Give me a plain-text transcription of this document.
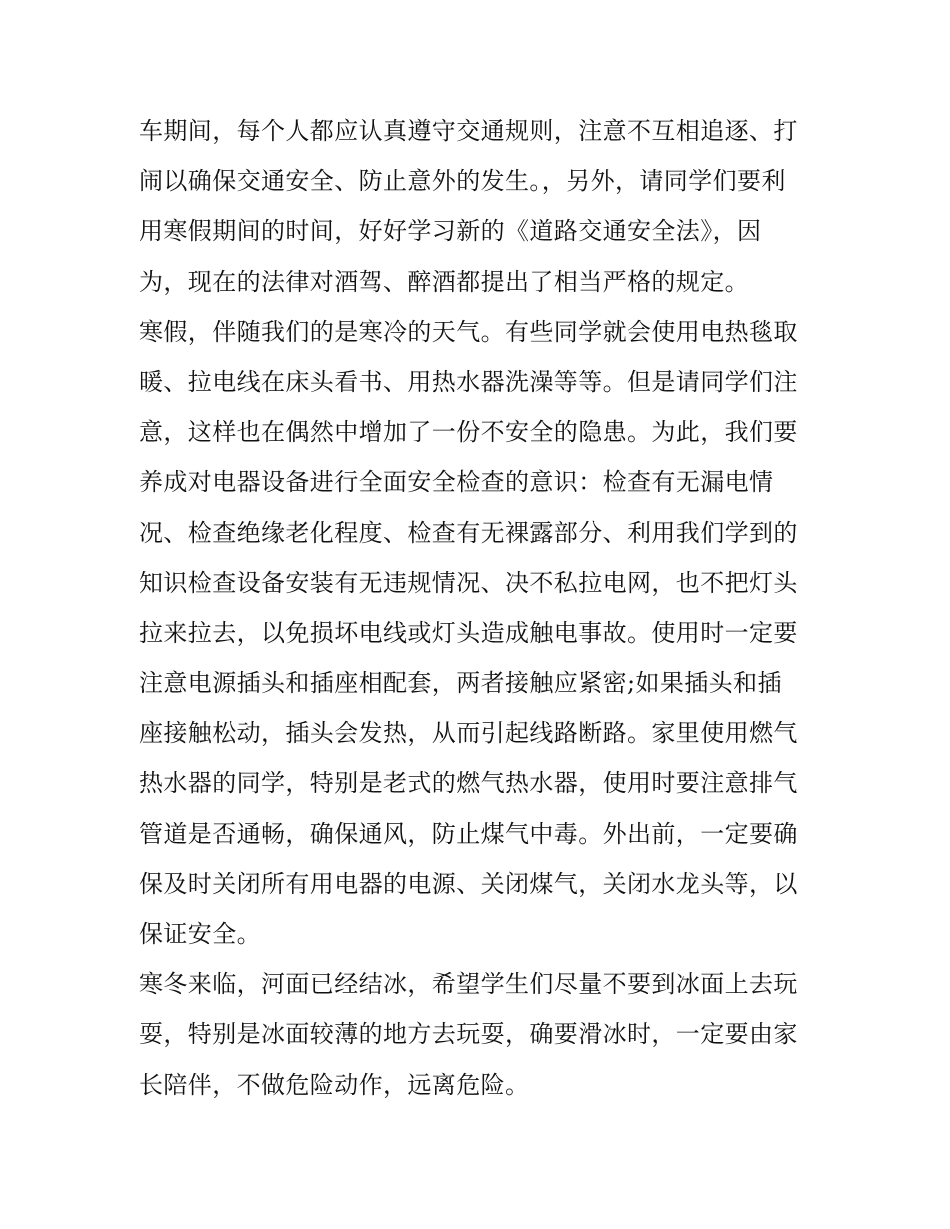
车期间，每个人都应认真遵守交通规则，注意不互相追逐、打
闹以确保交通安全、防止意外的发生。，另外，请同学们要利
用寒假期间的时间，好好学习新的《道路交通安全法》，因
为，现在的法律对酒驾、醉酒都提出了相当严格的规定。
寒假，伴随我们的是寒冷的天气。有些同学就会使用电热毯取
暖、拉电线在床头看书、用热水器洗澡等等。但是请同学们注
意，这样也在偶然中增加了一份不安全的隐患。为此，我们要
养成对电器设备进行全面安全检查的意识：检查有无漏电情
况、检查绝缘老化程度、检查有无裸露部分、利用我们学到的
知识检查设备安装有无违规情况、决不私拉电网，也不把灯头
拉来拉去，以免损坏电线或灯头造成触电事故。使用时一定要
注意电源插头和插座相配套，两者接触应紧密;如果插头和插
座接触松动，插头会发热，从而引起线路断路。家里使用燃气
热水器的同学，特别是老式的燃气热水器，使用时要注意排气
管道是否通畅，确保通风，防止煤气中毒。外出前，一定要确
保及时关闭所有用电器的电源、关闭煤气，关闭水龙头等，以
保证安全。
寒冬来临，河面已经结冰，希望学生们尽量不要到冰面上去玩
耍，特别是冰面较薄的地方去玩耍，确要滑冰时，一定要由家
长陪伴，不做危险动作，远离危险。
